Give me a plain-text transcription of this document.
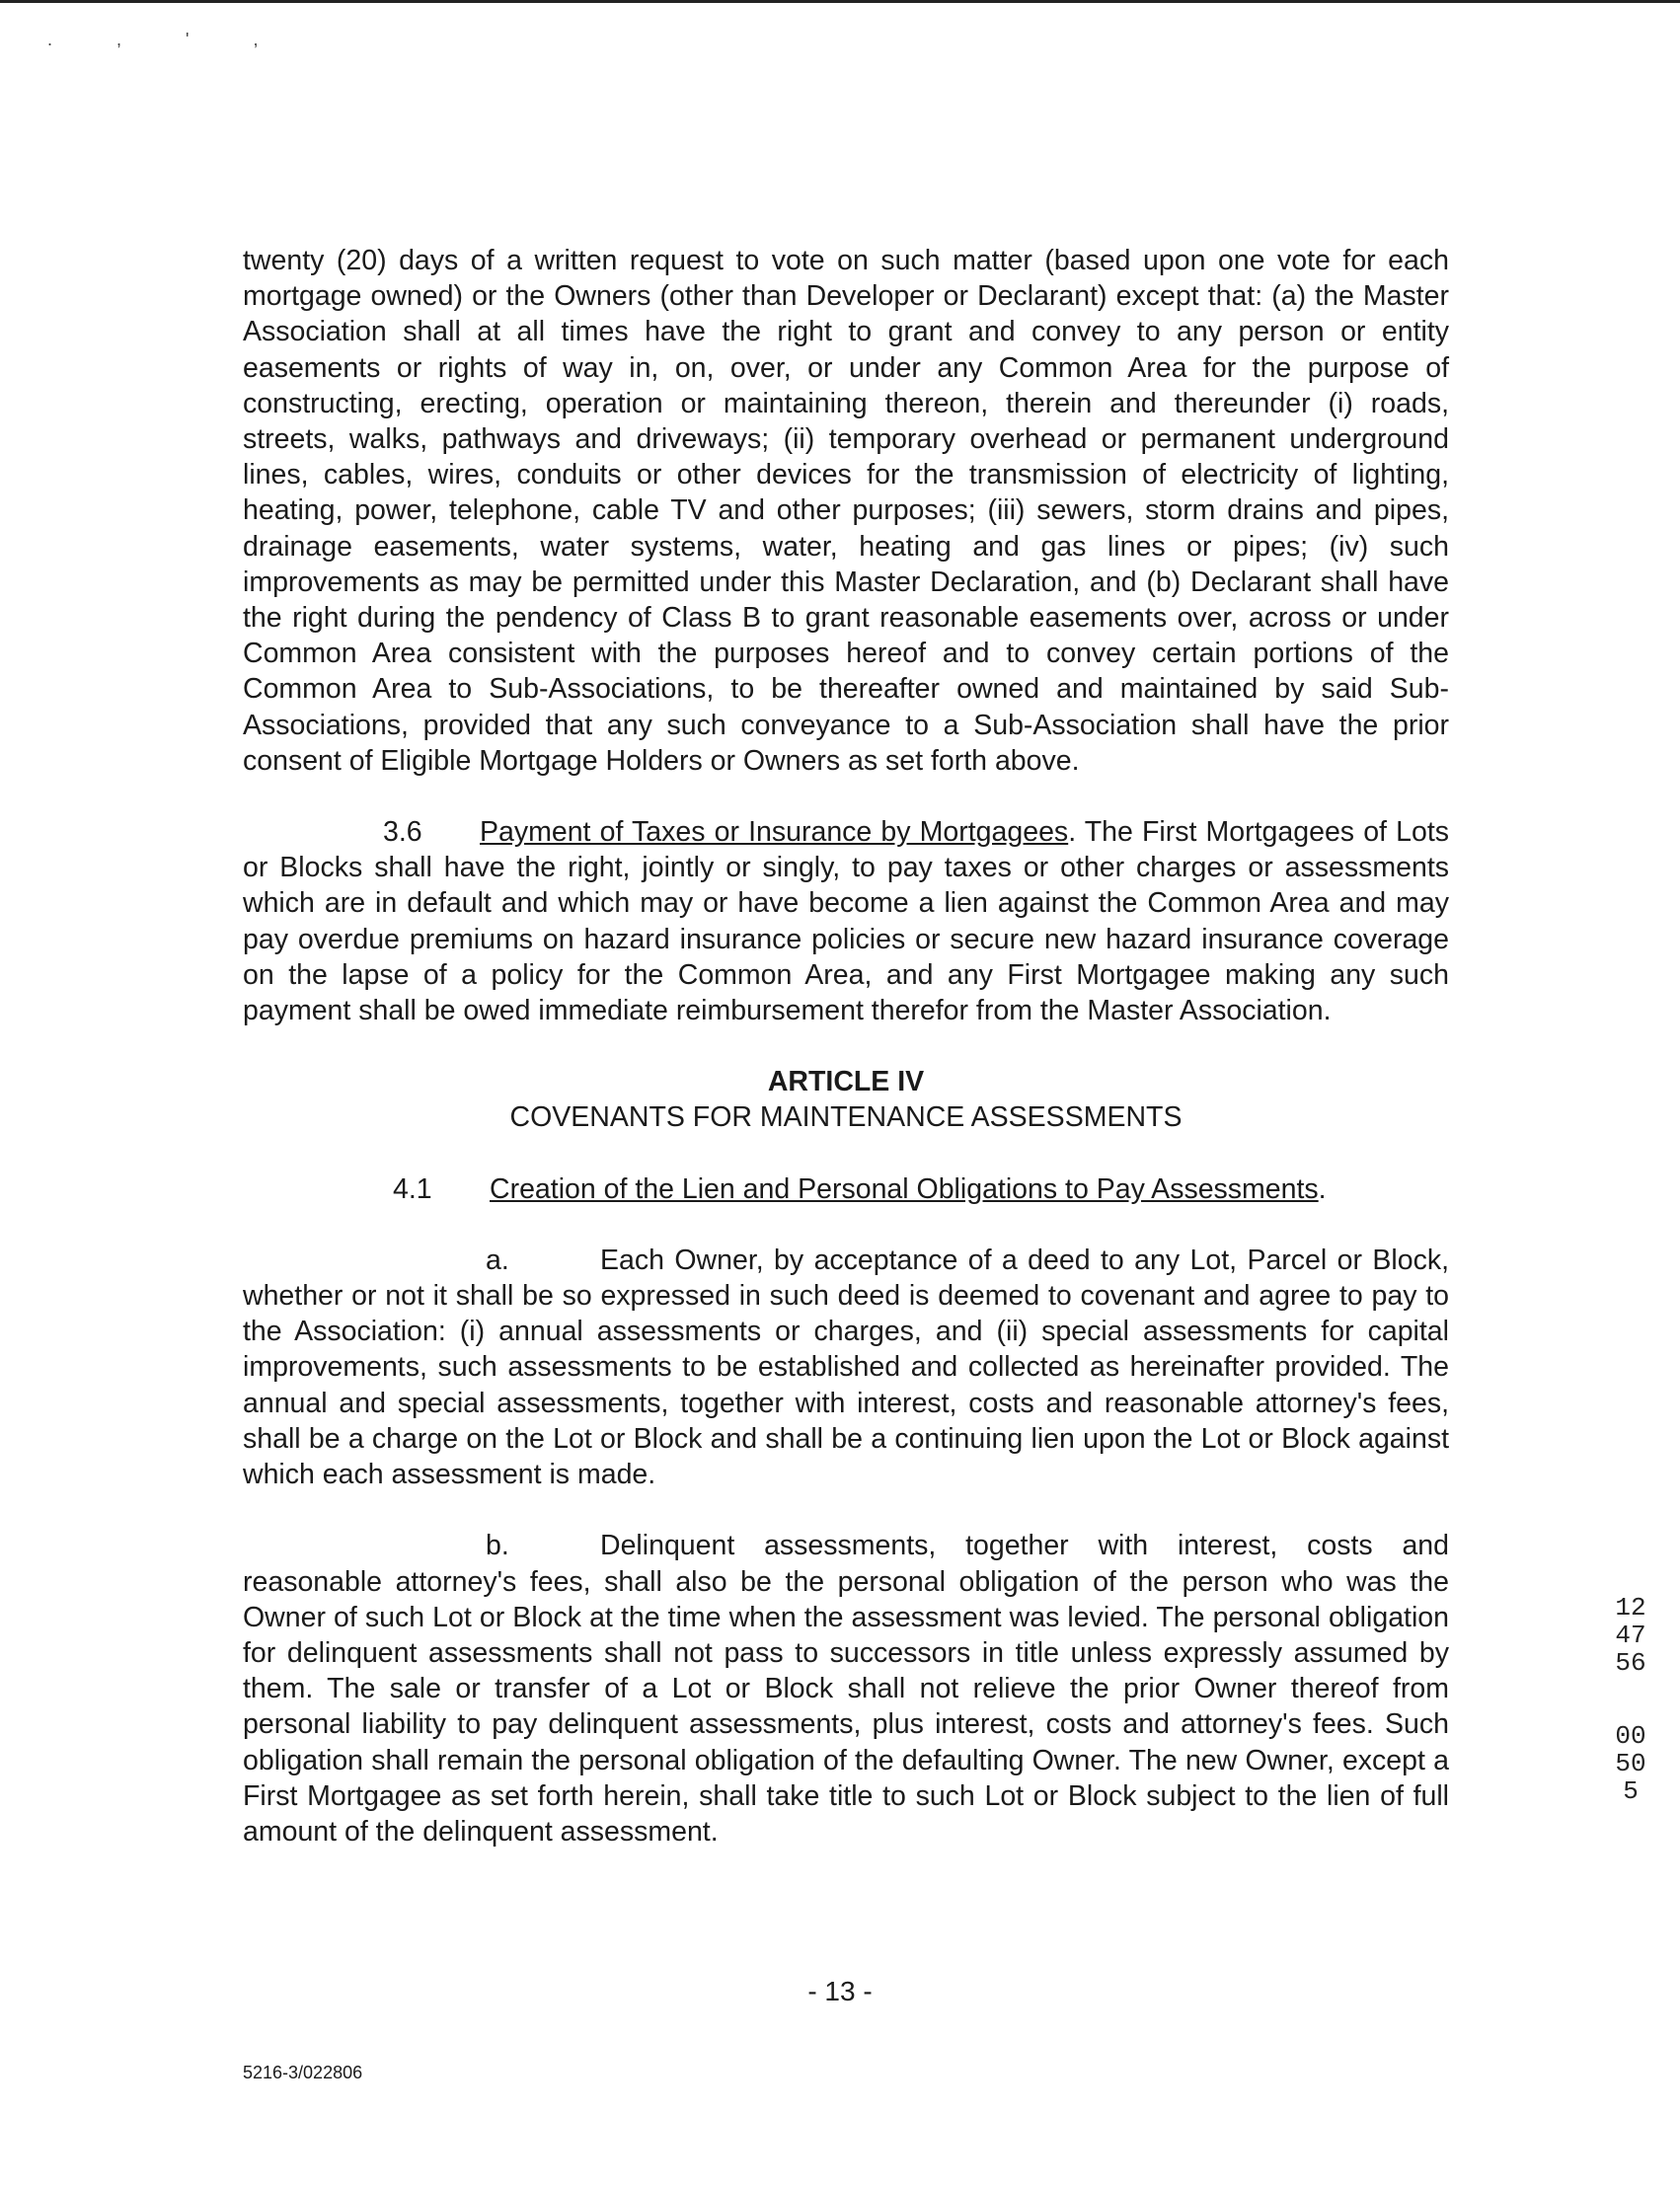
. , ' ,

twenty (20) days of a written request to vote on such matter (based upon one vote for each mortgage owned) or the Owners (other than Developer or Declarant) except that: (a) the Master Association shall at all times have the right to grant and convey to any person or entity easements or rights of way in, on, over, or under any Common Area for the purpose of constructing, erecting, operation or maintaining thereon, therein and thereunder (i) roads, streets, walks, pathways and driveways; (ii) temporary overhead or permanent underground lines, cables, wires, conduits or other devices for the transmission of electricity of lighting, heating, power, telephone, cable TV and other purposes; (iii) sewers, storm drains and pipes, drainage easements, water systems, water, heating and gas lines or pipes; (iv) such improvements as may be permitted under this Master Declaration, and (b) Declarant shall have the right during the pendency of Class B to grant reasonable easements over, across or under Common Area consistent with the purposes hereof and to convey certain portions of the Common Area to Sub-Associations, to be thereafter owned and maintained by said Sub-Associations, provided that any such conveyance to a Sub-Association shall have the prior consent of Eligible Mortgage Holders or Owners as set forth above.

3.6 Payment of Taxes or Insurance by Mortgagees. The First Mortgagees of Lots or Blocks shall have the right, jointly or singly, to pay taxes or other charges or assessments which are in default and which may or have become a lien against the Common Area and may pay overdue premiums on hazard insurance policies or secure new hazard insurance coverage on the lapse of a policy for the Common Area, and any First Mortgagee making any such payment shall be owed immediate reimbursement therefor from the Master Association.

ARTICLE IV

COVENANTS FOR MAINTENANCE ASSESSMENTS

4.1 Creation of the Lien and Personal Obligations to Pay Assessments.

a.	Each Owner, by acceptance of a deed to any Lot, Parcel or Block, whether or not it shall be so expressed in such deed is deemed to covenant and agree to pay to the Association: (i) annual assessments or charges, and (ii) special assessments for capital improvements, such assessments to be established and collected as hereinafter provided. The annual and special assessments, together with interest, costs and reasonable attorney's fees, shall be a charge on the Lot or Block and shall be a continuing lien upon the Lot or Block against which each assessment is made.

b.	Delinquent assessments, together with interest, costs and reasonable attorney's fees, shall also be the personal obligation of the person who was the Owner of such Lot or Block at the time when the assessment was levied. The personal obligation for delinquent assessments shall not pass to successors in title unless expressly assumed by them. The sale or transfer of a Lot or Block shall not relieve the prior Owner thereof from personal liability to pay delinquent assessments, plus interest, costs and attorney's fees. Such obligation shall remain the personal obligation of the defaulting Owner. The new Owner, except a First Mortgagee as set forth herein, shall take title to such Lot or Block subject to the lien of full amount of the delinquent assessment.

- 13 -
5216-3/022806
124756
00505
